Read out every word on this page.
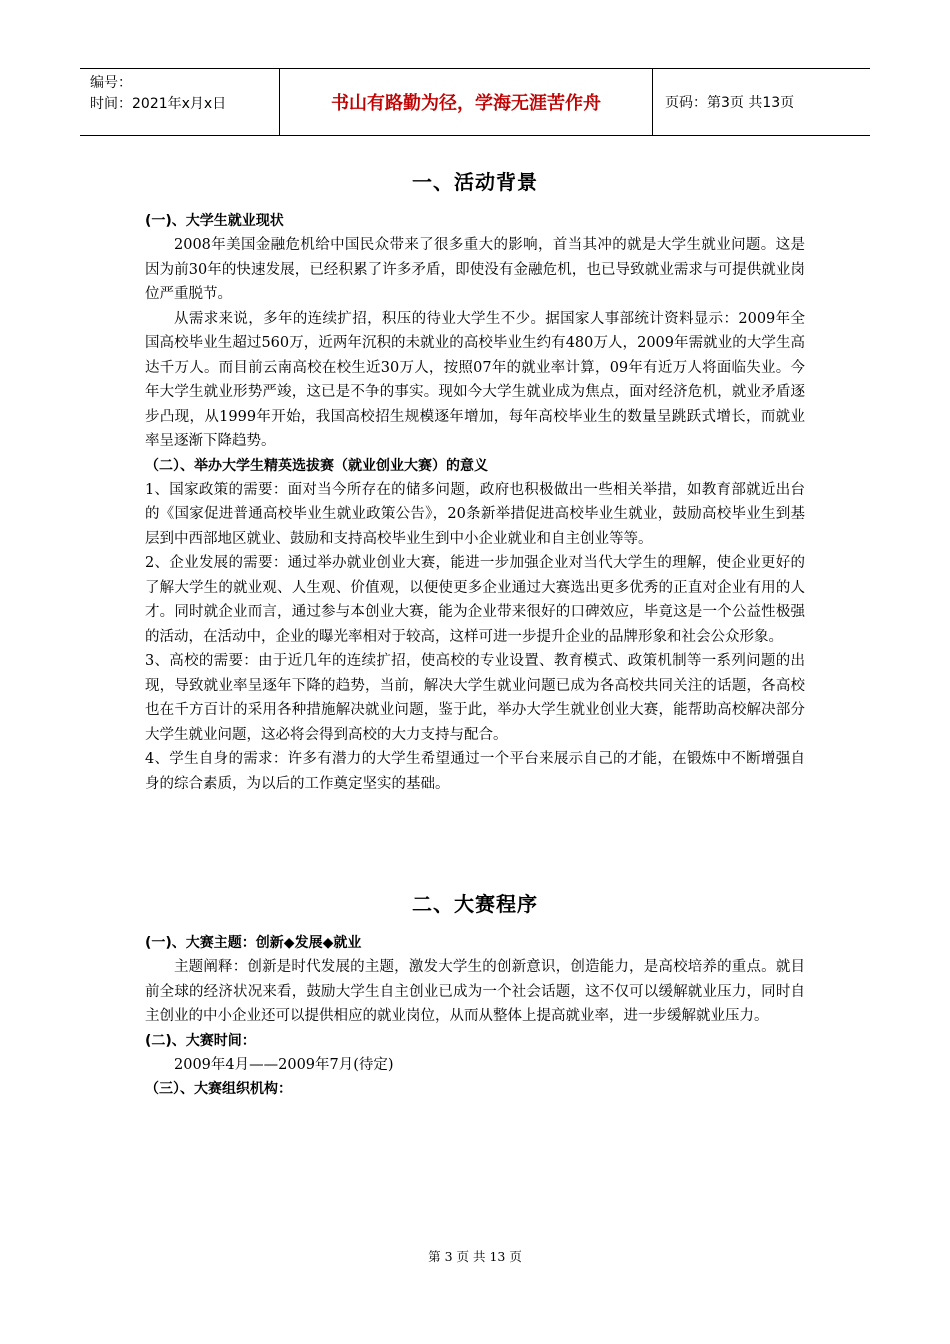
编号：
时间：2021年x月x日	书山有路勤为径，学海无涯苦作舟	页码：第3页 共13页
一、活动背景
(一)、大学生就业现状

2008年美国金融危机给中国民众带来了很多重大的影响，首当其冲的就是大学生就业问题。这是因为前30年的快速发展，已经积累了许多矛盾，即使没有金融危机，也已导致就业需求与可提供就业岗位严重脱节。

从需求来说，多年的连续扩招，积压的待业大学生不少。据国家人事部统计资料显示：2009年全国高校毕业生超过560万，近两年沉积的未就业的高校毕业生约有480万人，2009年需就业的大学生高达千万人。而目前云南高校在校生近30万人，按照07年的就业率计算，09年有近万人将面临失业。今年大学生就业形势严竣，这已是不争的事实。现如今大学生就业成为焦点，面对经济危机，就业矛盾逐步凸现，从1999年开始，我国高校招生规模逐年增加，每年高校毕业生的数量呈跳跃式增长，而就业率呈逐渐下降趋势。

（二）、举办大学生精英选拔赛（就业创业大赛）的意义

1、国家政策的需要：面对当今所存在的储多问题，政府也积极做出一些相关举措，如教育部就近出台的《国家促进普通高校毕业生就业政策公告》，20条新举措促进高校毕业生就业，鼓励高校毕业生到基层到中西部地区就业、鼓励和支持高校毕业生到中小企业就业和自主创业等等。

2、企业发展的需要：通过举办就业创业大赛，能进一步加强企业对当代大学生的理解，使企业更好的了解大学生的就业观、人生观、价值观，以便使更多企业通过大赛选出更多优秀的正直对企业有用的人才。同时就企业而言，通过参与本创业大赛，能为企业带来很好的口碑效应，毕竟这是一个公益性极强的活动，在活动中，企业的曝光率相对于较高，这样可进一步提升企业的品牌形象和社会公众形象。

3、高校的需要：由于近几年的连续扩招，使高校的专业设置、教育模式、政策机制等一系列问题的出现，导致就业率呈逐年下降的趋势，当前，解决大学生就业问题已成为各高校共同关注的话题，各高校也在千方百计的采用各种措施解决就业问题，鉴于此，举办大学生就业创业大赛，能帮助高校解决部分大学生就业问题，这必将会得到高校的大力支持与配合。

4、学生自身的需求：许多有潜力的大学生希望通过一个平台来展示自己的才能，在锻炼中不断增强自身的综合素质，为以后的工作奠定坚实的基础。

二、大赛程序
(一)、大赛主题：创新◆发展◆就业

主题阐释：创新是时代发展的主题，激发大学生的创新意识，创造能力，是高校培养的重点。就目前全球的经济状况来看，鼓励大学生自主创业已成为一个社会话题，这不仅可以缓解就业压力，同时自主创业的中小企业还可以提供相应的就业岗位，从而从整体上提高就业率，进一步缓解就业压力。

(二)、大赛时间：

2009年4月——2009年7月(待定)

（三）、大赛组织机构：
第 3 页 共 13 页
